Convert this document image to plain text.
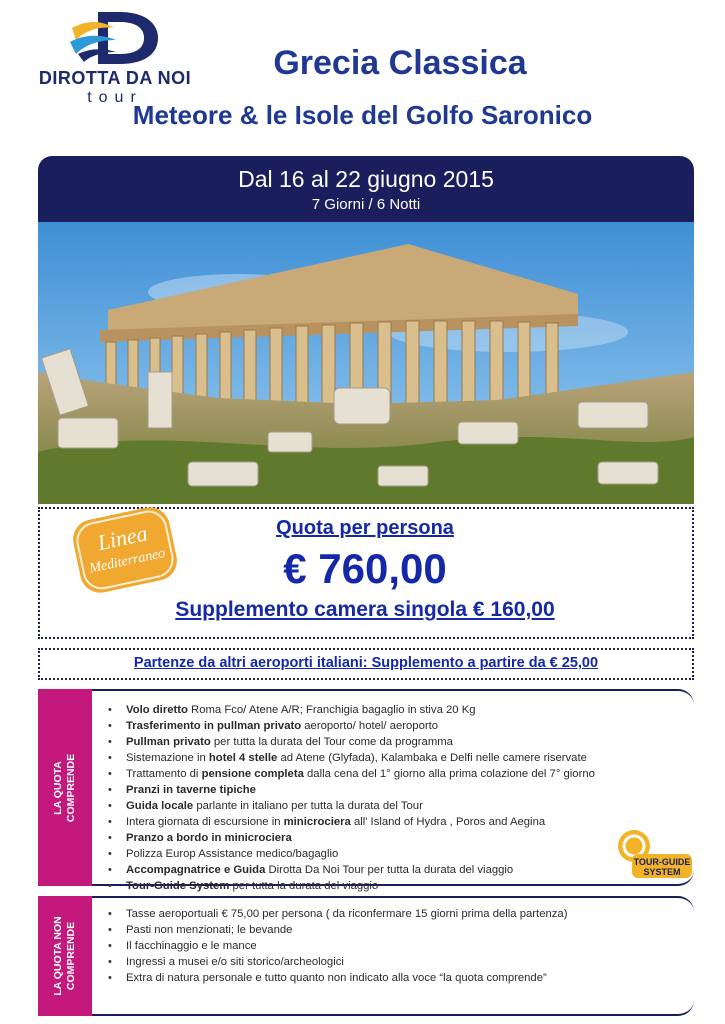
DIROTTA DA NOI
tour
Grecia Classica
Meteore & le Isole del Golfo Saronico
Dal 16 al 22 giugno 2015
7 Giorni / 6 Notti
Linea
Mediterraneo
Quota per persona
€ 760,00
Supplemento camera singola € 160,00
Partenze da altri aeroporti italiani: Supplemento a partire da € 25,00
LA QUOTA COMPRENDE
• Volo diretto Roma Fco/ Atene A/R; Franchigia bagaglio in stiva 20 Kg
• Trasferimento in pullman privato aeroporto/ hotel/ aeroporto
• Pullman privato per tutta la durata del Tour come da programma
• Sistemazione in hotel 4 stelle ad Atene (Glyfada), Kalambaka e Delfi nelle camere riservate
• Trattamento di pensione completa dalla cena del 1° giorno alla prima colazione del 7° giorno
• Pranzi in taverne tipiche
• Guida locale parlante in italiano per tutta la durata del Tour
• Intera giornata di escursione in minicrociera all' Island of Hydra , Poros and Aegina
• Pranzo a bordo in minicrociera
• Polizza Europ Assistance medico/bagaglio
• Accompagnatrice e Guida Dirotta Da Noi Tour per tutta la durata del viaggio
• Tour-Guide System per tutta la durata del viaggio
TOUR-GUIDE
SYSTEM
LA QUOTA NON COMPRENDE
• Tasse aeroportuali € 75,00 per persona ( da riconfermare 15 giorni prima della partenza)
• Pasti non menzionati; le bevande
• Il facchinaggio e le mance
• Ingressi a musei e/o siti storico/archeologici
• Extra di natura personale e tutto quanto non indicato alla voce “la quota comprende”
